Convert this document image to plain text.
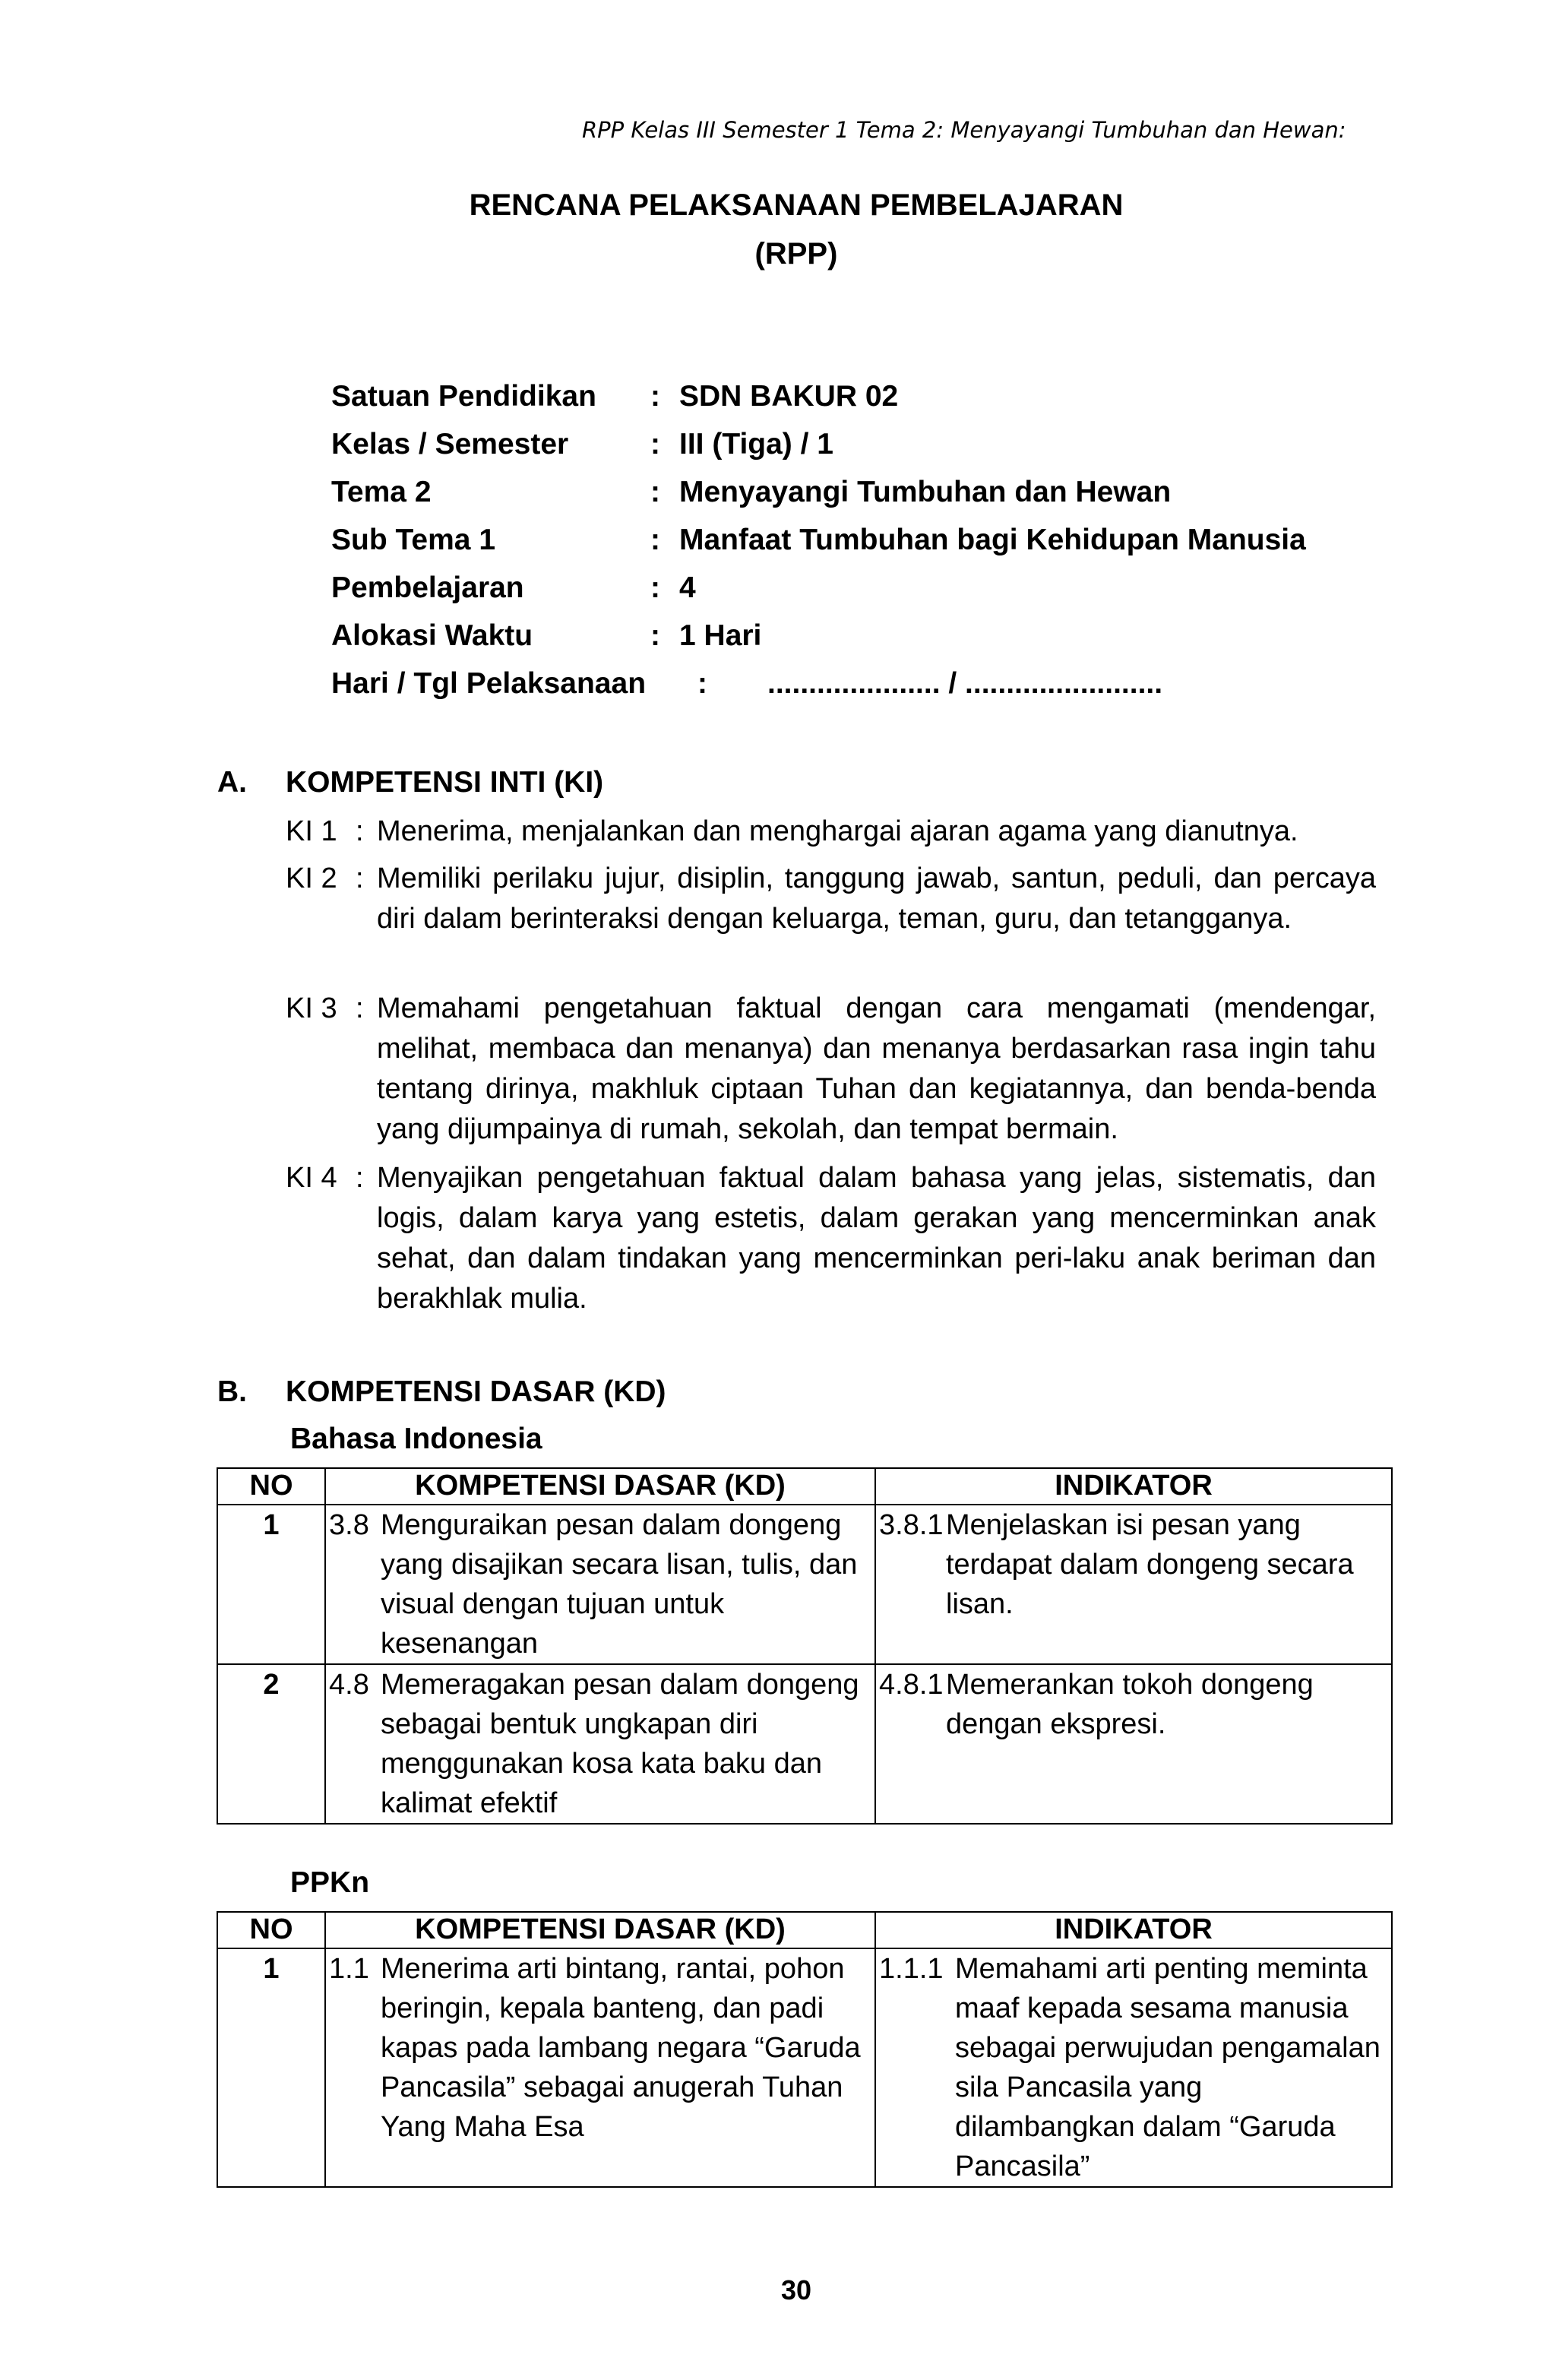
RPP Kelas III Semester 1 Tema 2: Menyayangi Tumbuhan dan Hewan:
RENCANA PELAKSANAAN PEMBELAJARAN
(RPP)
Satuan Pendidikan : SDN BAKUR 02
Kelas / Semester	: III (Tiga) / 1
Tema 2	: Menyayangi Tumbuhan dan Hewan
Sub Tema 1	: Manfaat Tumbuhan bagi Kehidupan Manusia
Pembelajaran	: 4
Alokasi Waktu	: 1 Hari
Hari / Tgl Pelaksanaan : ..................... / ........................
A. KOMPETENSI INTI (KI)
KI 1 : Menerima, menjalankan dan menghargai ajaran agama yang dianutnya.
KI 2 : Memiliki perilaku jujur, disiplin, tanggung jawab, santun, peduli, dan percaya diri dalam berinteraksi dengan keluarga, teman, guru, dan tetangganya.
KI 3 : Memahami pengetahuan faktual dengan cara mengamati (mendengar, melihat, membaca dan menanya) dan menanya berdasarkan rasa ingin tahu tentang dirinya, makhluk ciptaan Tuhan dan kegiatannya, dan benda-benda yang dijumpainya di rumah, sekolah, dan tempat bermain.
KI 4 : Menyajikan pengetahuan faktual dalam bahasa yang jelas, sistematis, dan logis, dalam karya yang estetis, dalam gerakan yang mencerminkan anak sehat, dan dalam tindakan yang mencerminkan peri-laku anak beriman dan berakhlak mulia.
B. KOMPETENSI DASAR (KD)
Bahasa Indonesia
NO	KOMPETENSI DASAR (KD)	INDIKATOR
1	3.8 Menguraikan pesan dalam dongeng yang disajikan secara lisan, tulis, dan visual dengan tujuan untuk kesenangan	3.8.1 Menjelaskan isi pesan yang terdapat dalam dongeng secara lisan.

2	4.8 Memeragakan pesan dalam dongeng sebagai bentuk ungkapan diri menggunakan kosa kata baku dan kalimat efektif	4.8.1 Memerankan tokoh dongeng dengan ekspresi.
PPKn
NO	KOMPETENSI DASAR (KD)	INDIKATOR
1	1.1 Menerima arti bintang, rantai, pohon beringin, kepala banteng, dan padi kapas pada lambang negara “Garuda Pancasila” sebagai anugerah Tuhan Yang Maha Esa	1.1.1 Memahami arti penting meminta maaf kepada sesama manusia sebagai perwujudan pengamalan sila Pancasila yang dilambangkan dalam “Garuda Pancasila”
30
